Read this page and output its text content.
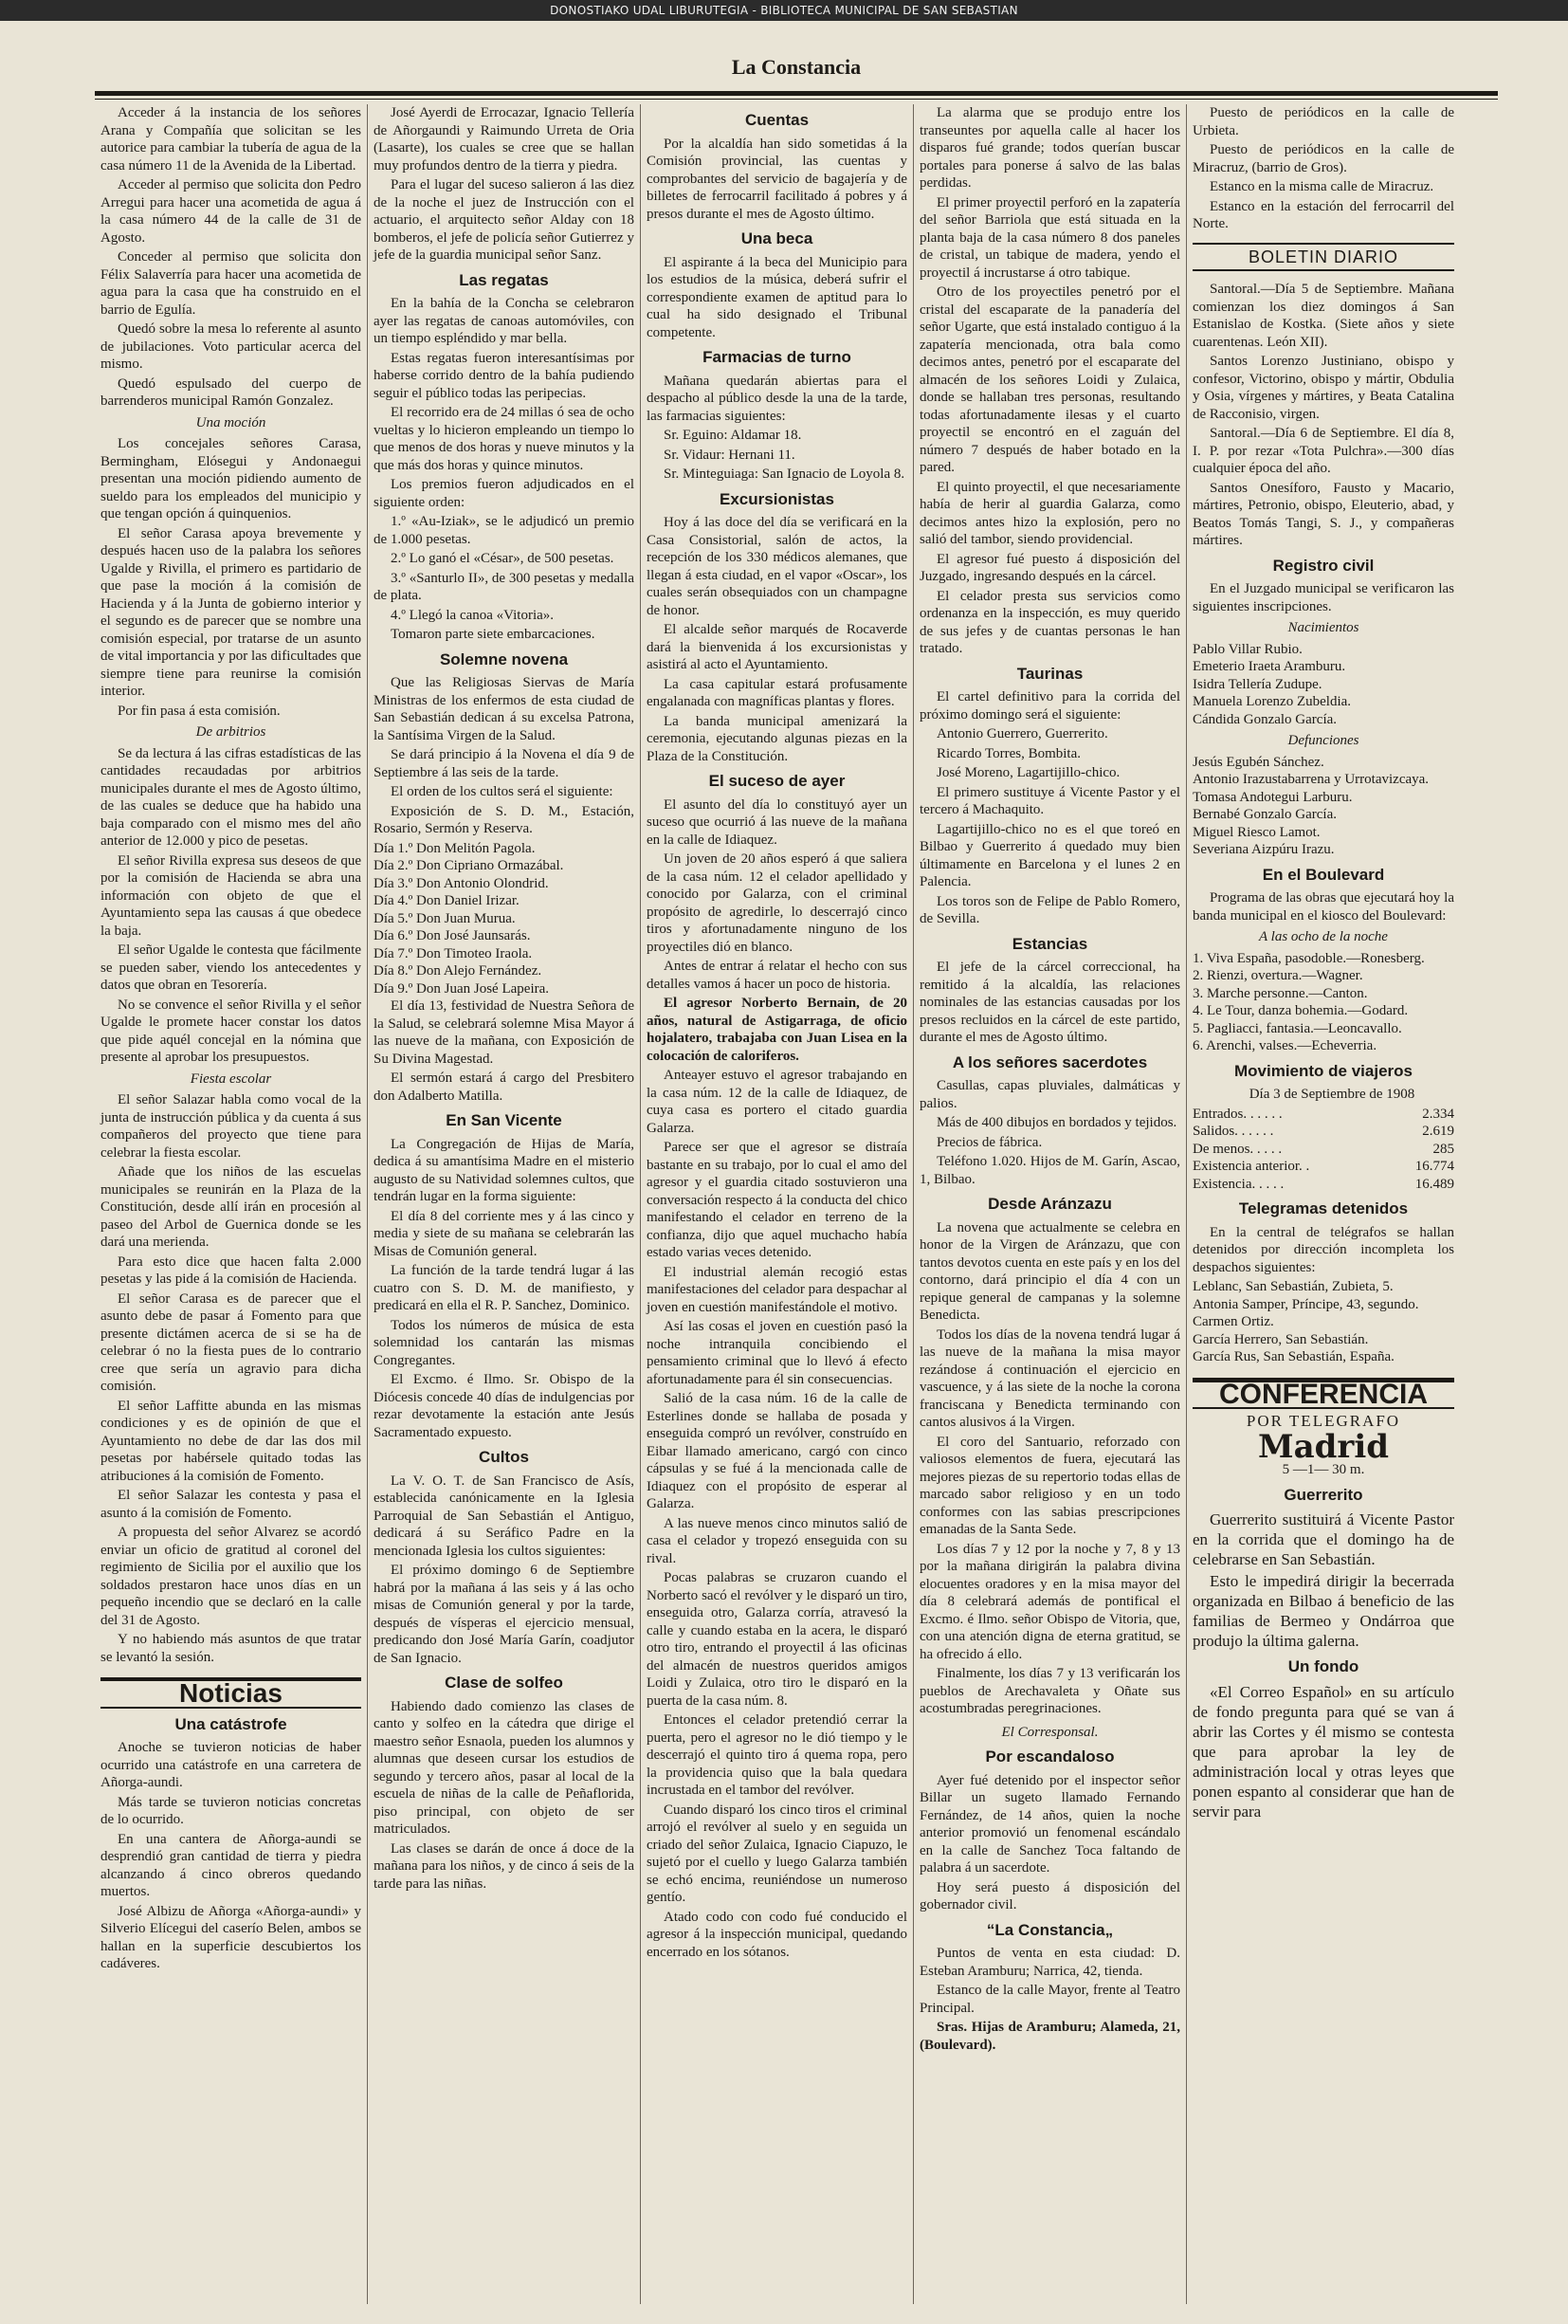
DONOSTIAKO UDAL LIBURUTEGIA - BIBLIOTECA MUNICIPAL DE SAN SEBASTIAN
La Constancia

Acceder á la instancia de los señores Arana y Compañía que solicitan se les autorice para cambiar la tubería de agua de la casa número 11 de la Avenida de la Libertad.

Acceder al permiso que solicita don Pedro Arregui para hacer una acometida de agua á la casa número 44 de la calle de 31 de Agosto.

Conceder al permiso que solicita don Félix Salaverría para hacer una acometida de agua para la casa que ha construido en el barrio de Egulía.

Quedó sobre la mesa lo referente al asunto de jubilaciones. Voto particular acerca del mismo.

Quedó espulsado del cuerpo de barrenderos municipal Ramón Gonzalez.

Una moción

Los concejales señores Carasa, Bermingham, Elósegui y Andonaegui presentan una moción pidiendo aumento de sueldo para los empleados del municipio y que tengan opción á quinquenios.

El señor Carasa apoya brevemente y después hacen uso de la palabra los señores Ugalde y Rivilla, el primero es partidario de que pase la moción á la comisión de Hacienda y á la Junta de gobierno interior y el segundo es de parecer que se nombre una comisión especial, por tratarse de un asunto de vital importancia y por las dificultades que siempre tiene para reunirse la comisión interior.

Por fin pasa á esta comisión.

De arbitrios

Se da lectura á las cifras estadísticas de las cantidades recaudadas por arbitrios municipales durante el mes de Agosto último, de las cuales se deduce que ha habido una baja comparado con el mismo mes del año anterior de 12.000 y pico de pesetas.

El señor Rivilla expresa sus deseos de que por la comisión de Hacienda se abra una información con objeto de que el Ayuntamiento sepa las causas á que obedece la baja.

El señor Ugalde le contesta que fácilmente se pueden saber, viendo los antecedentes y datos que obran en Tesorería.

No se convence el señor Rivilla y el señor Ugalde le promete hacer constar los datos que pide aquél concejal en la nómina que presente al aprobar los presupuestos.

Fiesta escolar

El señor Salazar habla como vocal de la junta de instrucción pública y da cuenta á sus compañeros del proyecto que tiene para celebrar la fiesta escolar.

Añade que los niños de las escuelas municipales se reunirán en la Plaza de la Constitución, desde allí irán en procesión al paseo del Arbol de Guernica donde se les dará una merienda.

Para esto dice que hacen falta 2.000 pesetas y las pide á la comisión de Hacienda.

El señor Carasa es de parecer que el asunto debe de pasar á Fomento para que presente dictámen acerca de si se ha de celebrar ó no la fiesta pues de lo contrario cree que sería un agravio para dicha comisión.

El señor Laffitte abunda en las mismas condiciones y es de opinión de que el Ayuntamiento no debe de dar las dos mil pesetas por habérsele quitado todas las atribuciones á la comisión de Fomento.

El señor Salazar les contesta y pasa el asunto á la comisión de Fomento.

A propuesta del señor Alvarez se acordó enviar un oficio de gratitud al coronel del regimiento de Sicilia por el auxilio que los soldados prestaron hace unos días en un pequeño incendio que se declaró en la calle del 31 de Agosto.

Y no habiendo más asuntos de que tratar se levantó la sesión.

Noticias
Una catástrofe

Anoche se tuvieron noticias de haber ocurrido una catástrofe en una carretera de Añorga-aundi.

Más tarde se tuvieron noticias concretas de lo ocurrido.

En una cantera de Añorga-aundi se desprendió gran cantidad de tierra y piedra alcanzando á cinco obreros quedando muertos.

José Albizu de Añorga «Añorga-aundi» y Silverio Elícegui del caserío Belen, ambos se hallan en la superficie descubiertos los cadáveres.

José Ayerdi de Errocazar, Ignacio Tellería de Añorgaundi y Raimundo Urreta de Oria (Lasarte), los cuales se cree que se hallan muy profundos dentro de la tierra y piedra.

Para el lugar del suceso salieron á las diez de la noche el juez de Instrucción con el actuario, el arquitecto señor Alday con 18 bomberos, el jefe de policía señor Gutierrez y jefe de la guardia municipal señor Sanz.

Las regatas

En la bahía de la Concha se celebraron ayer las regatas de canoas automóviles, con un tiempo espléndido y mar bella.

Estas regatas fueron interesantísimas por haberse corrido dentro de la bahía pudiendo seguir el público todas las peripecias.

El recorrido era de 24 millas ó sea de ocho vueltas y lo hicieron empleando un tiempo lo que menos de dos horas y nueve minutos y la que más dos horas y quince minutos.

Los premios fueron adjudicados en el siguiente orden:

1.º «Au-Iziak», se le adjudicó un premio de 1.000 pesetas.

2.º Lo ganó el «César», de 500 pesetas.

3.º «Santurlo II», de 300 pesetas y medalla de plata.

4.º Llegó la canoa «Vitoria».

Tomaron parte siete embarcaciones.

Solemne novena

Que las Religiosas Siervas de María Ministras de los enfermos de esta ciudad de San Sebastián dedican á su excelsa Patrona, la Santísima Virgen de la Salud.

Se dará principio á la Novena el día 9 de Septiembre á las seis de la tarde.

El orden de los cultos será el siguiente:

Exposición de S. D. M., Estación, Rosario, Sermón y Reserva.

Día 1.º Don Melitón Pagola.

Día 2.º Don Cipriano Ormazábal.

Día 3.º Don Antonio Olondrid.

Día 4.º Don Daniel Irizar.

Día 5.º Don Juan Murua.

Día 6.º Don José Jaunsarás.

Día 7.º Don Timoteo Iraola.

Día 8.º Don Alejo Fernández.

Día 9.º Don Juan José Lapeira.

El día 13, festividad de Nuestra Señora de la Salud, se celebrará solemne Misa Mayor á las nueve de la mañana, con Exposición de Su Divina Magestad.

El sermón estará á cargo del Presbitero don Adalberto Matilla.

En San Vicente

La Congregación de Hijas de María, dedica á su amantísima Madre en el misterio augusto de su Natividad solemnes cultos, que tendrán lugar en la forma siguiente:

El día 8 del corriente mes y á las cinco y media y siete de su mañana se celebrarán las Misas de Comunión general.

La función de la tarde tendrá lugar á las cuatro con S. D. M. de manifiesto, y predicará en ella el R. P. Sanchez, Dominico.

Todos los números de música de esta solemnidad los cantarán las mismas Congregantes.

El Excmo. é Ilmo. Sr. Obispo de la Diócesis concede 40 días de indulgencias por rezar devotamente la estación ante Jesús Sacramentado expuesto.

Cultos

La V. O. T. de San Francisco de Asís, establecida canónicamente en la Iglesia Parroquial de San Sebastián el Antiguo, dedicará á su Seráfico Padre en la mencionada Iglesia los cultos siguientes:

El próximo domingo 6 de Septiembre habrá por la mañana á las seis y á las ocho misas de Comunión general y por la tarde, después de vísperas el ejercicio mensual, predicando don José María Garín, coadjutor de San Ignacio.

Clase de solfeo

Habiendo dado comienzo las clases de canto y solfeo en la cátedra que dirige el maestro señor Esnaola, pueden los alumnos y alumnas que deseen cursar los estudios de segundo y tercero años, pasar al local de la escuela de niñas de la calle de Peñaflorida, piso principal, con objeto de ser matriculados.

Las clases se darán de once á doce de la mañana para los niños, y de cinco á seis de la tarde para las niñas.

Cuentas

Por la alcaldía han sido sometidas á la Comisión provincial, las cuentas y comprobantes del servicio de bagajería y de billetes de ferrocarril facilitado á pobres y á presos durante el mes de Agosto último.

Una beca

El aspirante á la beca del Municipio para los estudios de la música, deberá sufrir el correspondiente examen de aptitud para lo cual ha sido designado el Tribunal competente.

Farmacias de turno

Mañana quedarán abiertas para el despacho al público desde la una de la tarde, las farmacias siguientes:

Sr. Eguino: Aldamar 18.

Sr. Vidaur: Hernani 11.

Sr. Minteguiaga: San Ignacio de Loyola 8.

Excursionistas

Hoy á las doce del día se verificará en la Casa Consistorial, salón de actos, la recepción de los 330 médicos alemanes, que llegan á esta ciudad, en el vapor «Oscar», los cuales serán obsequiados con un champagne de honor.

El alcalde señor marqués de Rocaverde dará la bienvenida á los excursionistas y asistirá al acto el Ayuntamiento.

La casa capitular estará profusamente engalanada con magníficas plantas y flores.

La banda municipal amenizará la ceremonia, ejecutando algunas piezas en la Plaza de la Constitución.

El suceso de ayer

El asunto del día lo constituyó ayer un suceso que ocurrió á las nueve de la mañana en la calle de Idiaquez.

Un joven de 20 años esperó á que saliera de la casa núm. 12 el celador apellidado y conocido por Galarza, con el criminal propósito de agredirle, lo descerrajó cinco tiros y afortunadamente ninguno de los proyectiles dió en blanco.

Antes de entrar á relatar el hecho con sus detalles vamos á hacer un poco de historia.

El agresor Norberto Bernain, de 20 años, natural de Astigarraga, de oficio hojalatero, trabajaba con Juan Lisea en la colocación de caloriferos.

Anteayer estuvo el agresor trabajando en la casa núm. 12 de la calle de Idiaquez, de cuya casa es portero el citado guardia Galarza.

Parece ser que el agresor se distraía bastante en su trabajo, por lo cual el amo del agresor y el guardia citado sostuvieron una conversación respecto á la conducta del chico manifestando el celador en terreno de la confianza, dijo que aquel muchacho había estado varias veces detenido.

El industrial alemán recogió estas manifestaciones del celador para despachar al joven en cuestión manifestándole el motivo.

Así las cosas el joven en cuestión pasó la noche intranquila concibiendo el pensamiento criminal que lo llevó á efecto afortunadamente para él sin consecuencias.

Salió de la casa núm. 16 de la calle de Esterlines donde se hallaba de posada y enseguida compró un revólver, construído en Eibar llamado americano, cargó con cinco cápsulas y se fué á la mencionada calle de Idiaquez con el propósito de esperar al Galarza.

A las nueve menos cinco minutos salió de casa el celador y tropezó enseguida con su rival.

Pocas palabras se cruzaron cuando el Norberto sacó el revólver y le disparó un tiro, enseguida otro, Galarza corría, atravesó la calle y cuando estaba en la acera, le disparó otro tiro, entrando el proyectil á las oficinas del almacén de nuestros queridos amigos Loidi y Zulaica, otro tiro le disparó en la puerta de la casa núm. 8.

Entonces el celador pretendió cerrar la puerta, pero el agresor no le dió tiempo y le descerrajó el quinto tiro á quema ropa, pero la providencia quiso que la bala quedara incrustada en el tambor del revólver.

Cuando disparó los cinco tiros el criminal arrojó el revólver al suelo y en seguida un criado del señor Zulaica, Ignacio Ciapuzo, le sujetó por el cuello y luego Galarza también se echó encima, reuniéndose un numeroso gentío.

Atado codo con codo fué conducido el agresor á la inspección municipal, quedando encerrado en los sótanos.

La alarma que se produjo entre los transeuntes por aquella calle al hacer los disparos fué grande; todos querían buscar portales para ponerse á salvo de las balas perdidas.

El primer proyectil perforó en la zapatería del señor Barriola que está situada en la planta baja de la casa número 8 dos paneles de cristal, un tabique de madera, yendo el proyectil á incrustarse á otro tabique.

Otro de los proyectiles penetró por el cristal del escaparate de la panadería del señor Ugarte, que está instalado contiguo á la zapatería mencionada, otra bala como decimos antes, penetró por el escaparate del almacén de los señores Loidi y Zulaica, donde se hallaban tres personas, resultando todas afortunadamente ilesas y el cuarto proyectil se encontró en el zaguán del número 7 después de haber botado en la pared.

El quinto proyectil, el que necesariamente había de herir al guardia Galarza, como decimos antes hizo la explosión, pero no salió del tambor, siendo providencial.

El agresor fué puesto á disposición del Juzgado, ingresando después en la cárcel.

El celador presta sus servicios como ordenanza en la inspección, es muy querido de sus jefes y de cuantas personas le han tratado.

Taurinas

El cartel definitivo para la corrida del próximo domingo será el siguiente:

Antonio Guerrero, Guerrerito.

Ricardo Torres, Bombita.

José Moreno, Lagartijillo-chico.

El primero sustituye á Vicente Pastor y el tercero á Machaquito.

Lagartijillo-chico no es el que toreó en Bilbao y Guerrerito á quedado muy bien últimamente en Barcelona y el lunes 2 en Palencia.

Los toros son de Felipe de Pablo Romero, de Sevilla.

Estancias

El jefe de la cárcel correccional, ha remitido á la alcaldía, las relaciones nominales de las estancias causadas por los presos recluidos en la cárcel de este partido, durante el mes de Agosto último.

A los señores sacerdotes

Casullas, capas pluviales, dalmáticas y palios.

Más de 400 dibujos en bordados y tejidos.

Precios de fábrica.

Teléfono 1.020. Hijos de M. Garín, Ascao, 1, Bilbao.

Desde Aránzazu

La novena que actualmente se celebra en honor de la Virgen de Aránzazu, que con tantos devotos cuenta en este país y en los del contorno, dará principio el día 4 con un repique general de campanas y la solemne Benedicta.

Todos los días de la novena tendrá lugar á las nueve de la mañana la misa mayor rezándose á continuación el ejercicio en vascuence, y á las siete de la noche la corona franciscana y Benedicta terminando con cantos alusivos á la Virgen.

El coro del Santuario, reforzado con valiosos elementos de fuera, ejecutará las mejores piezas de su repertorio todas ellas de marcado sabor religioso y en un todo conformes con las sabias prescripciones emanadas de la Santa Sede.

Los días 7 y 12 por la noche y 7, 8 y 13 por la mañana dirigirán la palabra divina elocuentes oradores y en la misa mayor del día 8 celebrará además de pontifical el Excmo. é Ilmo. señor Obispo de Vitoria, que, con una atención digna de eterna gratitud, se ha ofrecido á ello.

Finalmente, los días 7 y 13 verificarán los pueblos de Arechavaleta y Oñate sus acostumbradas peregrinaciones.

El Corresponsal.
Por escandaloso

Ayer fué detenido por el inspector señor Billar un sugeto llamado Fernando Fernández, de 14 años, quien la noche anterior promovió un fenomenal escándalo en la calle de Sanchez Toca faltando de palabra á un sacerdote.

Hoy será puesto á disposición del gobernador civil.

“La Constancia„

Puntos de venta en esta ciudad: D. Esteban Aramburu; Narrica, 42, tienda.

Estanco de la calle Mayor, frente al Teatro Principal.

Sras. Hijas de Aramburu; Alameda, 21, (Boulevard).

Puesto de periódicos en la calle de Urbieta.

Puesto de periódicos en la calle de Miracruz, (barrio de Gros).

Estanco en la misma calle de Miracruz.

Estanco en la estación del ferrocarril del Norte.

BOLETIN DIARIO

Santoral.—Día 5 de Septiembre. Mañana comienzan los diez domingos á San Estanislao de Kostka. (Siete años y siete cuarentenas. León XII).

Santos Lorenzo Justiniano, obispo y confesor, Victorino, obispo y mártir, Obdulia y Osia, vírgenes y mártires, y Beata Catalina de Racconisio, virgen.

Santoral.—Día 6 de Septiembre. El día 8, I. P. por rezar «Tota Pulchra».—300 días cualquier época del año.

Santos Onesíforo, Fausto y Macario, mártires, Petronio, obispo, Eleuterio, abad, y Beatos Tomás Tangi, S. J., y compañeras mártires.

Registro civil

En el Juzgado municipal se verificaron las siguientes inscripciones.

Nacimientos

Pablo Villar Rubio.

Emeterio Iraeta Aramburu.

Isidra Tellería Zudupe.

Manuela Lorenzo Zubeldia.

Cándida Gonzalo García.

Defunciones

Jesús Egubén Sánchez.

Antonio Irazustabarrena y Urrotavizcaya.

Tomasa Andotegui Larburu.

Bernabé Gonzalo García.

Miguel Riesco Lamot.

Severiana Aizpúru Irazu.

En el Boulevard

Programa de las obras que ejecutará hoy la banda municipal en el kiosco del Boulevard:

A las ocho de la noche

1. Viva España, pasodoble.—Ronesberg.

2. Rienzi, overtura.—Wagner.

3. Marche personne.—Canton.

4. Le Tour, danza bohemia.—Godard.

5. Pagliacci, fantasia.—Leoncavallo.

6. Arenchi, valses.—Echeverria.

Movimiento de viajeros

Día 3 de Septiembre de 1908

Entrados. . . . . .	2.334
Salidos. . . . . .	2.619
De menos. . . . .	285
Existencia anterior. .	16.774
Existencia. . . . .	16.489
Telegramas detenidos

En la central de telégrafos se hallan detenidos por dirección incompleta los despachos siguientes:

Leblanc, San Sebastián, Zubieta, 5.

Antonia Samper, Príncipe, 43, segundo.

Carmen Ortiz.

García Herrero, San Sebastián.

García Rus, San Sebastián, España.

CONFERENCIA
POR TELEGRAFO
Madrid
5 —1— 30 m.
Guerrerito

Guerrerito sustituirá á Vicente Pastor en la corrida que el domingo ha de celebrarse en San Sebastián.

Esto le impedirá dirigir la becerrada organizada en Bilbao á beneficio de las familias de Bermeo y Ondárroa que produjo la última galerna.

Un fondo

«El Correo Español» en su artículo de fondo pregunta para qué se van á abrir las Cortes y él mismo se contesta que para aprobar la ley de administración local y otras leyes que ponen espanto al considerar que han de servir para
